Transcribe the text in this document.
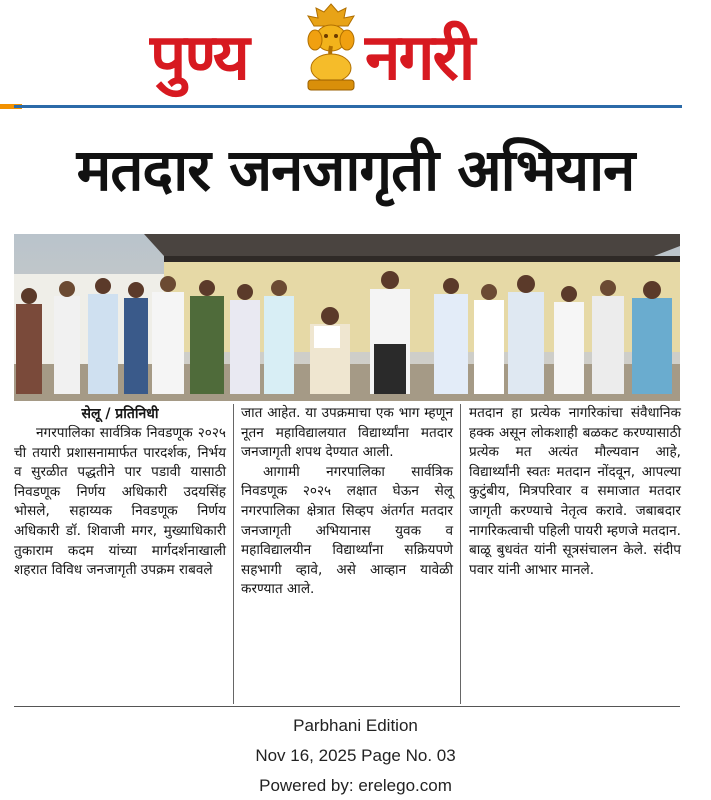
पुण्य नगरी
मतदार जनजागृती अभियान

सेलू / प्रतिनिधी

नगरपालिका सार्वत्रिक निवडणूक २०२५ ची तयारी प्रशासनामार्फत पारदर्शक, निर्भय व सुरळीत पद्धतीने पार पडावी यासाठी निवडणूक निर्णय अधिकारी उदयसिंह भोसले, सहाय्यक निवडणूक निर्णय अधिकारी डॉ. शिवाजी मगर, मुख्याधिकारी तुकाराम कदम यांच्या मार्गदर्शनाखाली शहरात विविध जनजागृती उपक्रम राबवले

जात आहेत. या उपक्रमाचा एक भाग म्हणून नूतन महाविद्यालयात विद्यार्थ्यांना मतदार जनजागृती शपथ देण्यात आली.

आगामी नगरपालिका सार्वत्रिक निवडणूक २०२५ लक्षात घेऊन सेलू नगरपालिका क्षेत्रात सिव्हप अंतर्गत मतदार जनजागृती अभियानास युवक व महाविद्यालयीन विद्यार्थ्यांना सक्रियपणे सहभागी व्हावे, असे आव्हान यावेळी करण्यात आले.

मतदान हा प्रत्येक नागरिकांचा संवैधानिक हक्क असून लोकशाही बळकट करण्यासाठी प्रत्येक मत अत्यंत मौल्यवान आहे, विद्यार्थ्यांनी स्वतः मतदान नोंदवून, आपल्या कुटुंबीय, मित्रपरिवार व समाजात मतदार जागृती करण्याचे नेतृत्व करावे. जबाबदार नागरिकत्वाची पहिली पायरी म्हणजे मतदान. बाळू बुधवंत यांनी सूत्रसंचालन केले. संदीप पवार यांनी आभार मानले.

Parbhani Edition
Nov 16, 2025 Page No. 03
Powered by: erelego.com
